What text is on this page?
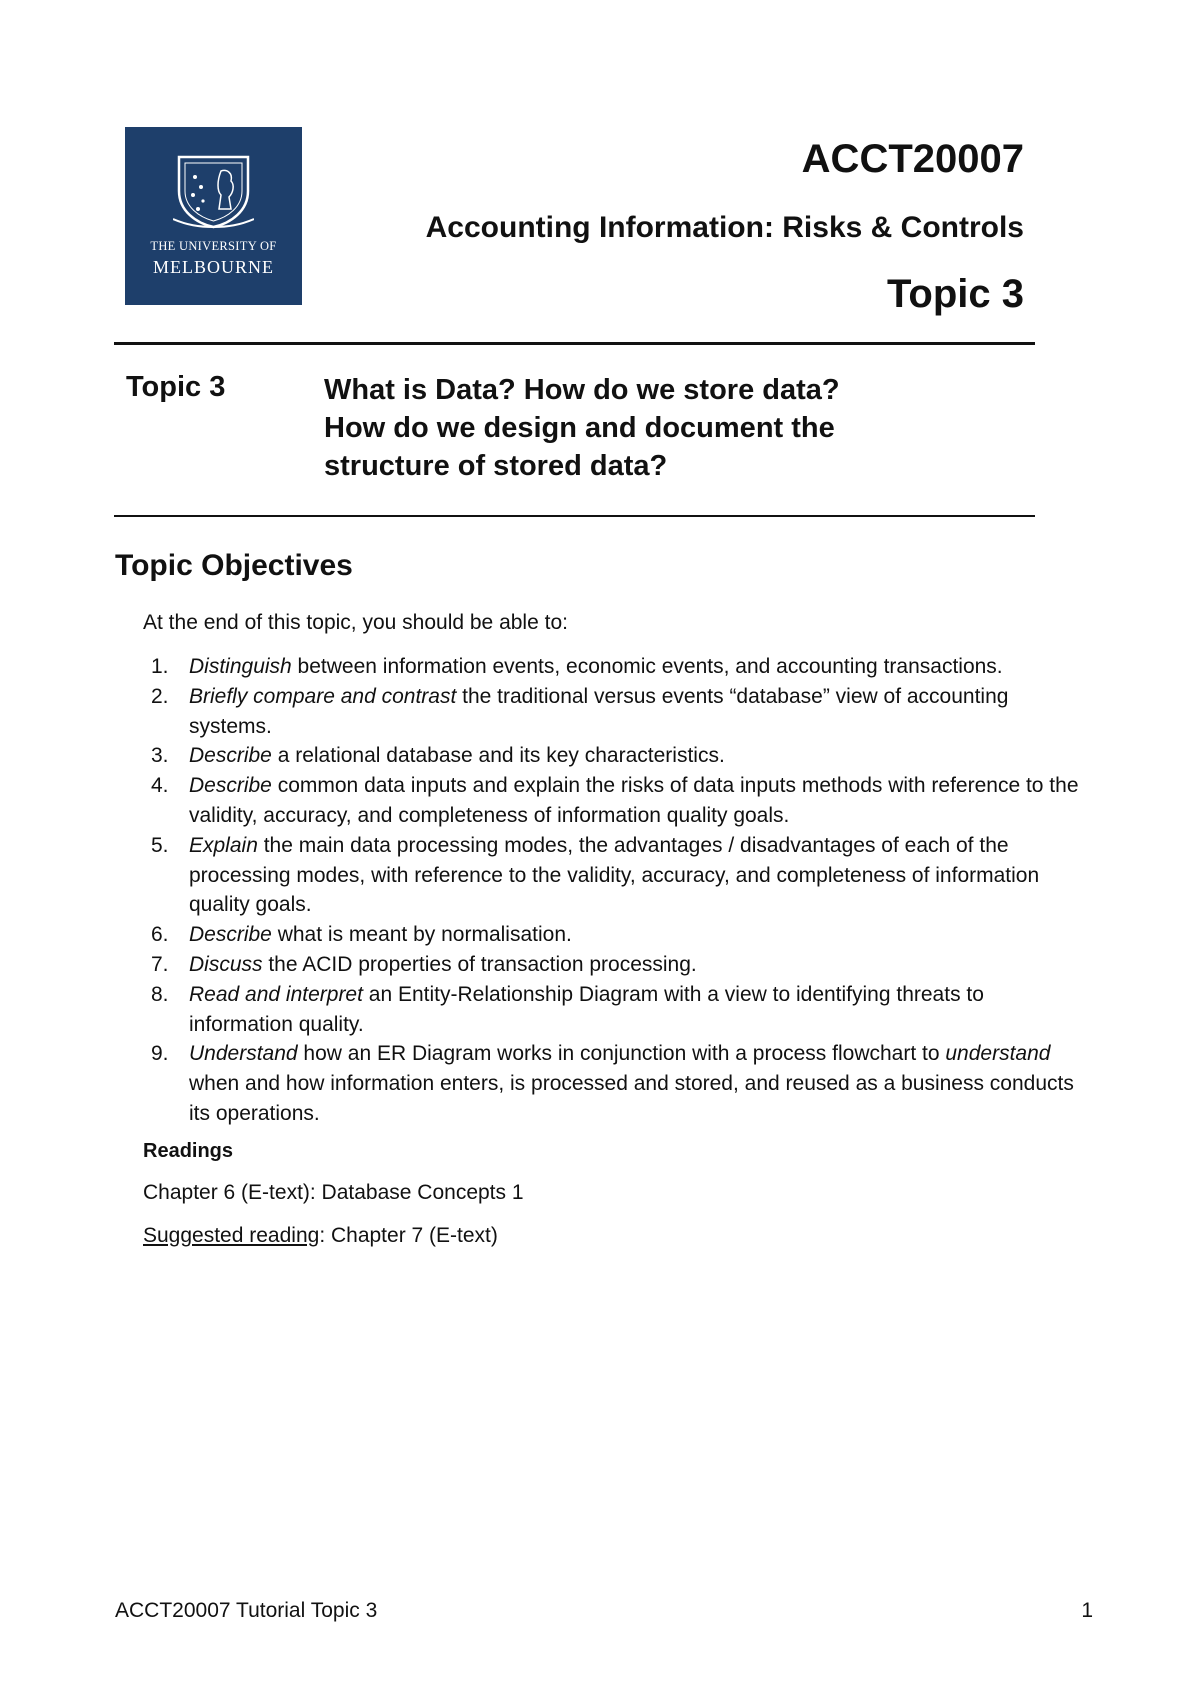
THE UNIVERSITY OF
MELBOURNE
ACCT20007
Accounting Information: Risks & Controls
Topic 3
Topic 3	What is Data? How do we store data?
How do we design and document the
structure of stored data?
Topic Objectives
At the end of this topic, you should be able to:
1. Distinguish between information events, economic events, and accounting transactions.
2. Briefly compare and contrast the traditional versus events “database” view of accounting systems.
3. Describe a relational database and its key characteristics.
4. Describe common data inputs and explain the risks of data inputs methods with reference to the validity, accuracy, and completeness of information quality goals.
5. Explain the main data processing modes, the advantages / disadvantages of each of the processing modes, with reference to the validity, accuracy, and completeness of information quality goals.
6. Describe what is meant by normalisation.
7. Discuss the ACID properties of transaction processing.
8. Read and interpret an Entity-Relationship Diagram with a view to identifying threats to information quality.
9. Understand how an ER Diagram works in conjunction with a process flowchart to understand when and how information enters, is processed and stored, and reused as a business conducts its operations.
Readings
Chapter 6 (E-text): Database Concepts 1
Suggested reading: Chapter 7 (E-text)
ACCT20007 Tutorial Topic 3	1
